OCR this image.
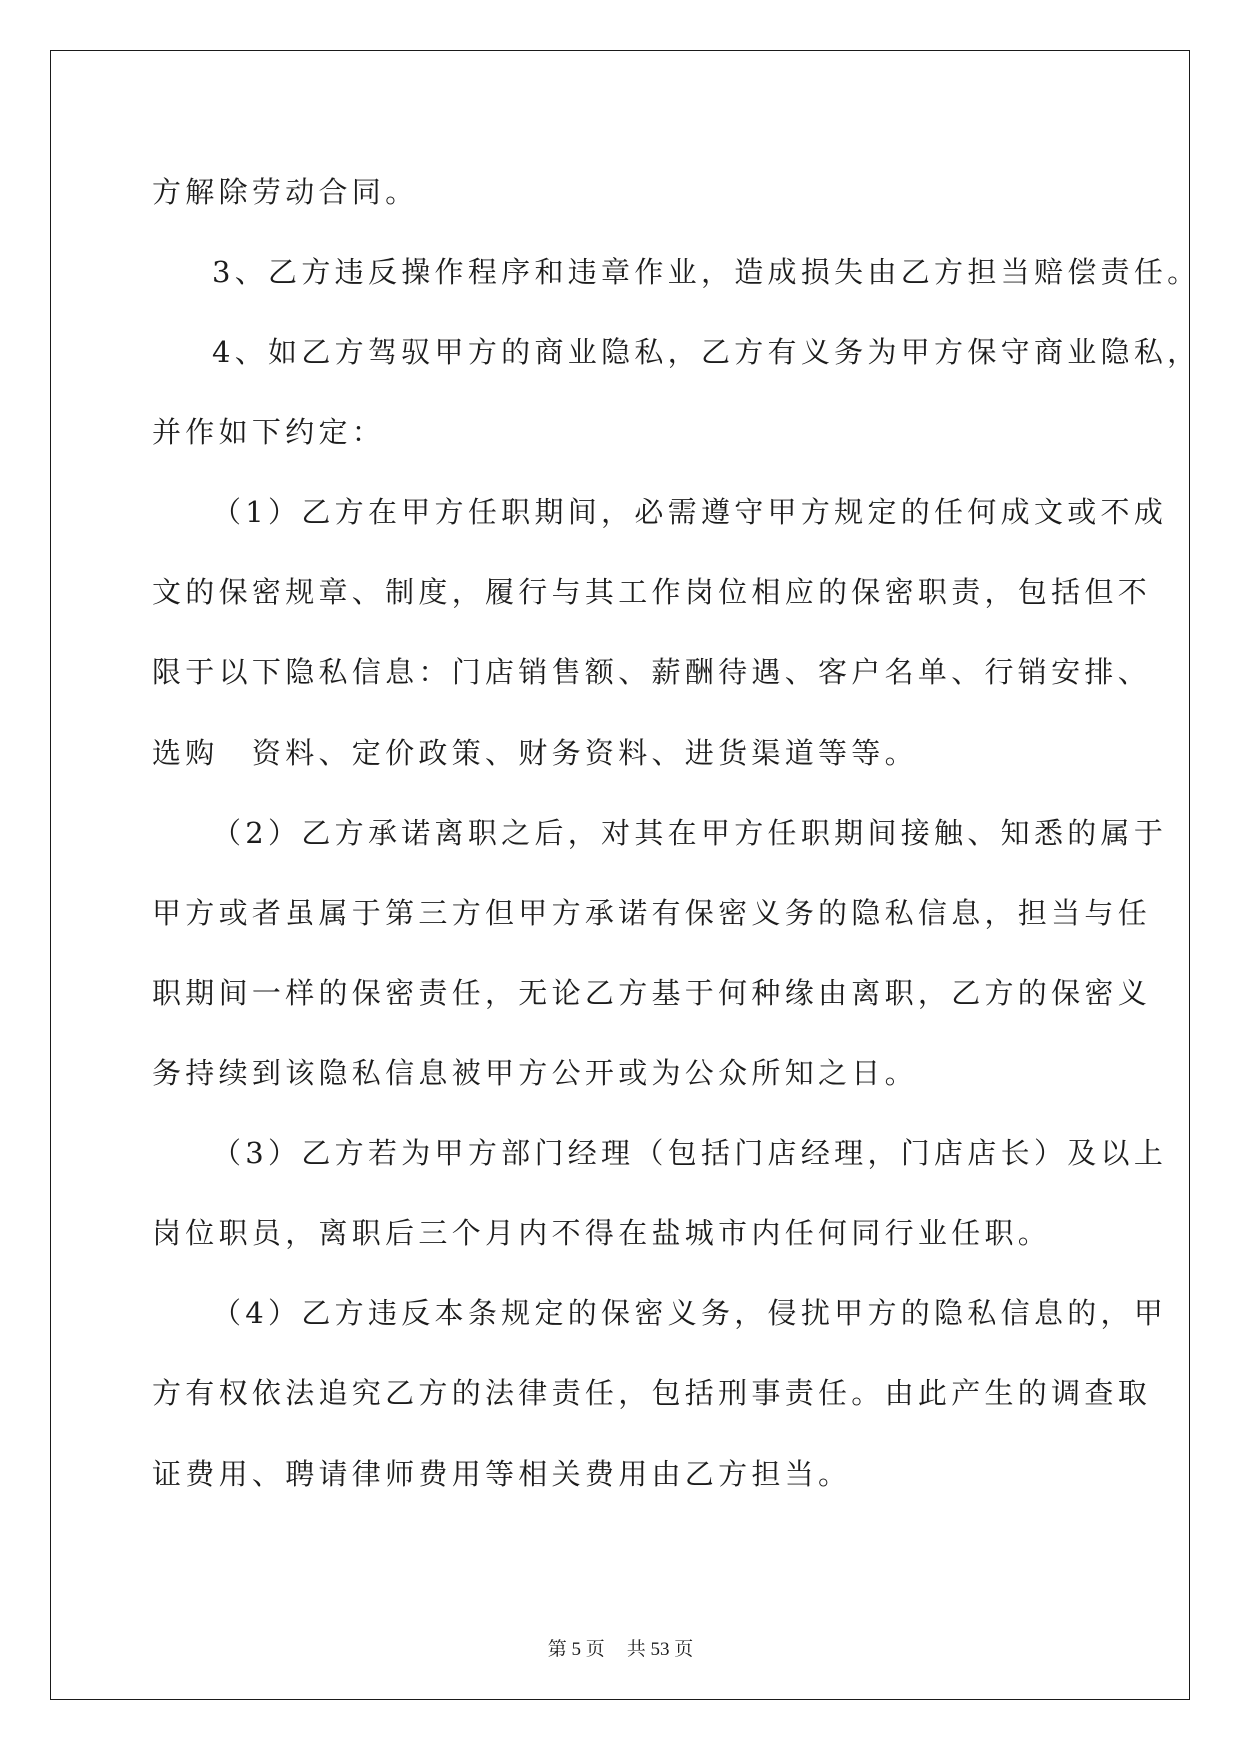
方解除劳动合同。

3、乙方违反操作程序和违章作业，造成损失由乙方担当赔偿责任。

4、如乙方驾驭甲方的商业隐私，乙方有义务为甲方保守商业隐私，

并作如下约定：

（1）乙方在甲方任职期间，必需遵守甲方规定的任何成文或不成

文的保密规章、制度，履行与其工作岗位相应的保密职责，包括但不

限于以下隐私信息：门店销售额、薪酬待遇、客户名单、行销安排、

选购　资料、定价政策、财务资料、进货渠道等等。

（2）乙方承诺离职之后，对其在甲方任职期间接触、知悉的属于

甲方或者虽属于第三方但甲方承诺有保密义务的隐私信息，担当与任

职期间一样的保密责任，无论乙方基于何种缘由离职，乙方的保密义

务持续到该隐私信息被甲方公开或为公众所知之日。

（3）乙方若为甲方部门经理（包括门店经理，门店店长）及以上

岗位职员，离职后三个月内不得在盐城市内任何同行业任职。

（4）乙方违反本条规定的保密义务，侵扰甲方的隐私信息的，甲

方有权依法追究乙方的法律责任，包括刑事责任。由此产生的调查取

证费用、聘请律师费用等相关费用由乙方担当。

第 5 页 共 53 页
